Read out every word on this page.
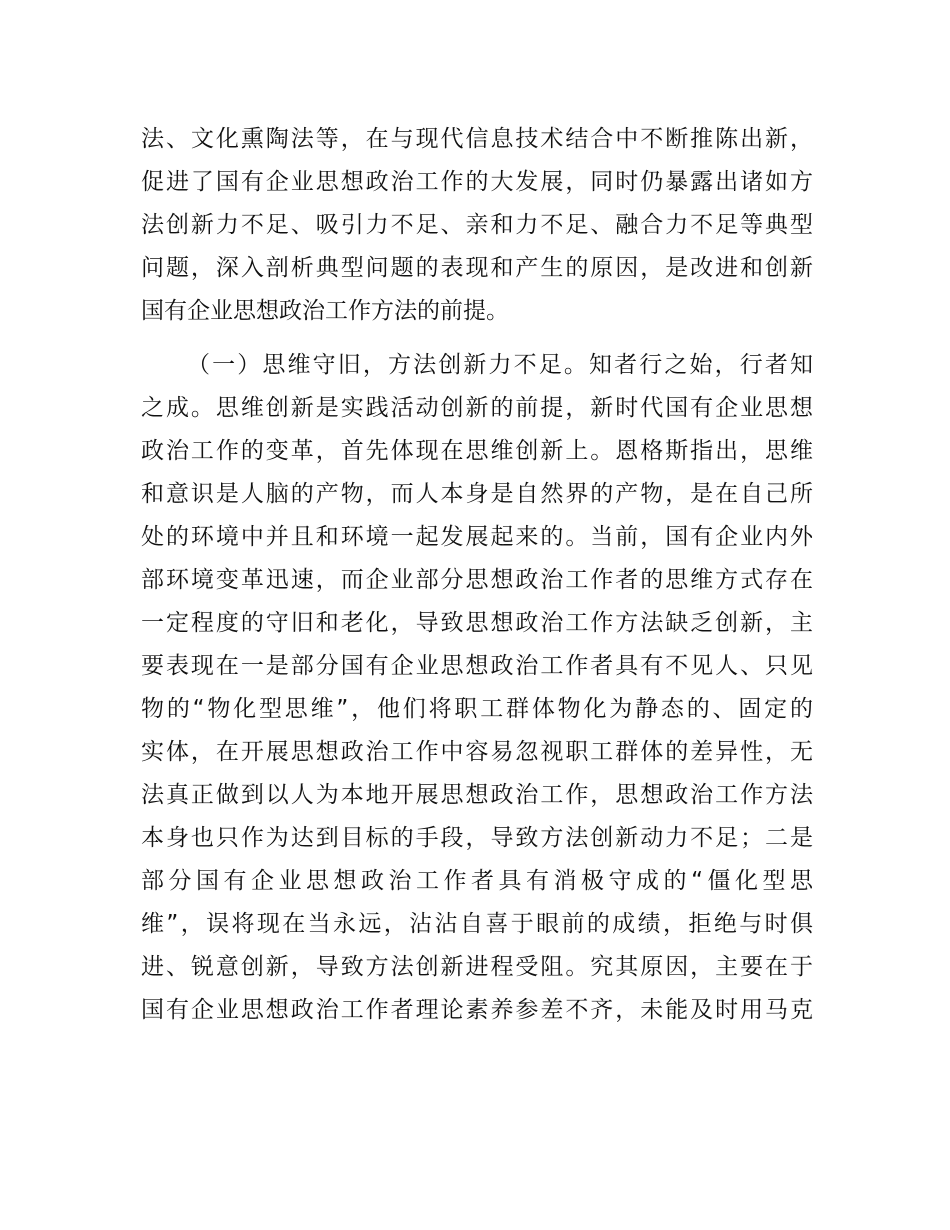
法、文化熏陶法等，在与现代信息技术结合中不断推陈出新，
促进了国有企业思想政治工作的大发展，同时仍暴露出诸如方
法创新力不足、吸引力不足、亲和力不足、融合力不足等典型
问题，深入剖析典型问题的表现和产生的原因，是改进和创新
国有企业思想政治工作方法的前提。
（一）思维守旧，方法创新力不足。知者行之始，行者知
之成。思维创新是实践活动创新的前提，新时代国有企业思想
政治工作的变革，首先体现在思维创新上。恩格斯指出，思维
和意识是人脑的产物，而人本身是自然界的产物，是在自己所
处的环境中并且和环境一起发展起来的。当前，国有企业内外
部环境变革迅速，而企业部分思想政治工作者的思维方式存在
一定程度的守旧和老化，导致思想政治工作方法缺乏创新，主
要表现在一是部分国有企业思想政治工作者具有不见人、只见
物的“物化型思维”，他们将职工群体物化为静态的、固定的
实体，在开展思想政治工作中容易忽视职工群体的差异性，无
法真正做到以人为本地开展思想政治工作，思想政治工作方法
本身也只作为达到目标的手段，导致方法创新动力不足；二是
部分国有企业思想政治工作者具有消极守成的“僵化型思
维”，误将现在当永远，沾沾自喜于眼前的成绩，拒绝与时俱
进、锐意创新，导致方法创新进程受阻。究其原因，主要在于
国有企业思想政治工作者理论素养参差不齐，未能及时用马克
